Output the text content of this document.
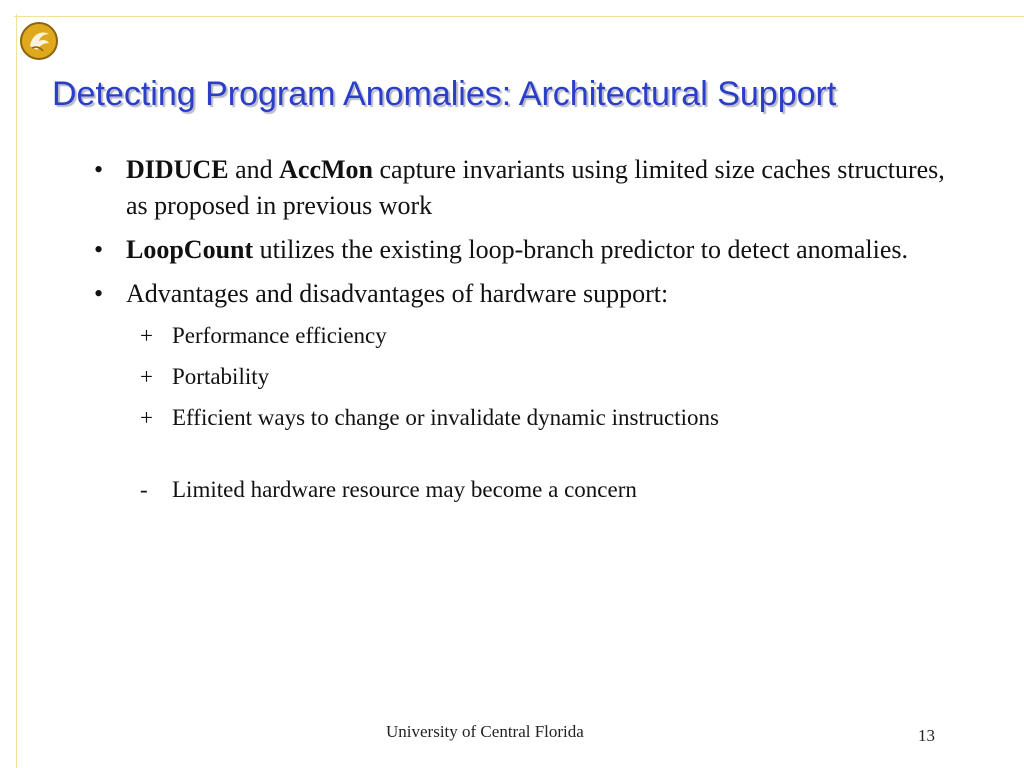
Detecting Program Anomalies: Architectural Support
• DIDUCE and AccMon capture invariants using limited size caches structures, as proposed in previous work
• LoopCount utilizes the existing loop-branch predictor to detect anomalies.
• Advantages and disadvantages of hardware support:
+ Performance efficiency
+ Portability
+ Efficient ways to change or invalidate dynamic instructions
- Limited hardware resource may become a concern
University of Central Florida	13
